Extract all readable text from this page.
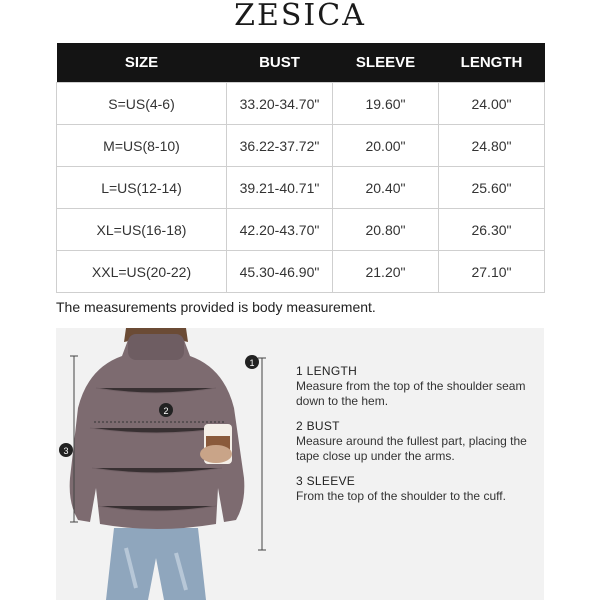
ZESICA
SIZE	BUST	SLEEVE	LENGTH
S=US(4-6)	33.20-34.70"	19.60"	24.00"
M=US(8-10)	36.22-37.72"	20.00"	24.80"
L=US(12-14)	39.21-40.71"	20.40"	25.60"
XL=US(16-18)	42.20-43.70"	20.80"	26.30"
XXL=US(20-22)	45.30-46.90"	21.20"	27.10"
The measurements provided is body measurement.
1
2
3
1 LENGTH
Measure from the top of the shoulder seam down to the hem.
2 BUST
Measure around the fullest part, placing the tape close up under the arms.
3 SLEEVE
From the top of the shoulder to the cuff.
